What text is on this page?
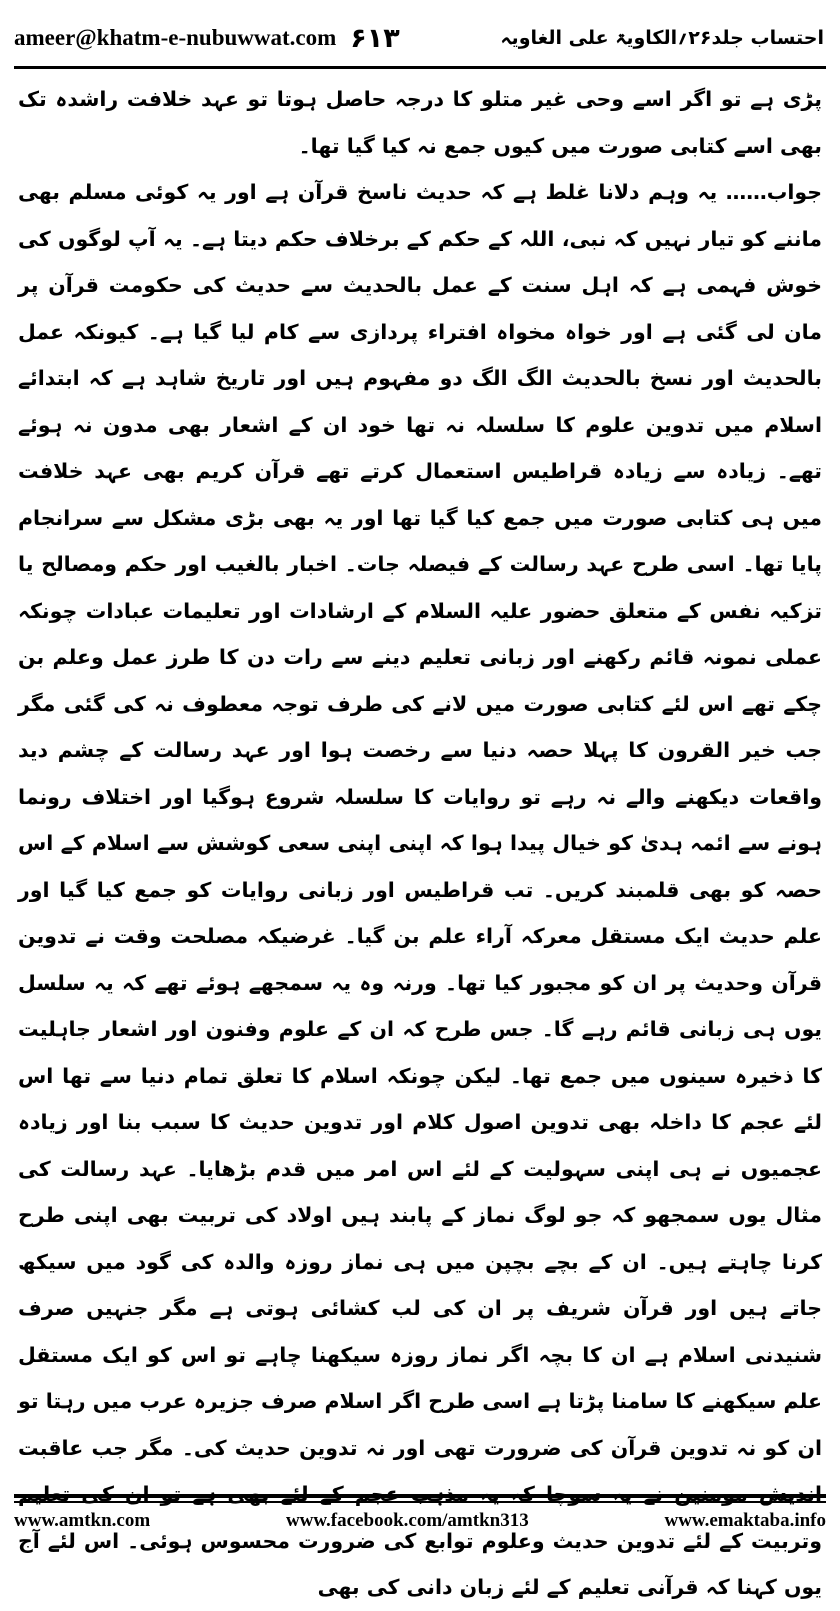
ameer@khatm-e-nubuwwat.com ۶۱۳	احتساب جلد۲۶؍الکاویۃ علی الغاویہ

پڑی ہے تو اگر اسے وحی غیر متلو کا درجہ حاصل ہوتا تو عہد خلافت راشدہ تک بھی اسے کتابی صورت میں کیوں جمع نہ کیا گیا تھا۔

جواب…… یہ وہم دلانا غلط ہے کہ حدیث ناسخ قرآن ہے اور یہ کوئی مسلم بھی ماننے کو تیار نہیں کہ نبی، اللہ کے حکم کے برخلاف حکم دیتا ہے۔ یہ آپ لوگوں کی خوش فہمی ہے کہ اہل سنت کے عمل بالحدیث سے حدیث کی حکومت قرآن پر مان لی گئی ہے اور خواہ مخواہ افتراء پردازی سے کام لیا گیا ہے۔ کیونکہ عمل بالحدیث اور نسخ بالحدیث الگ الگ دو مفہوم ہیں اور تاریخ شاہد ہے کہ ابتدائے اسلام میں تدوین علوم کا سلسلہ نہ تھا خود ان کے اشعار بھی مدون نہ ہوئے تھے۔ زیادہ سے زیادہ قراطیس استعمال کرتے تھے قرآن کریم بھی عہد خلافت میں ہی کتابی صورت میں جمع کیا گیا تھا اور یہ بھی بڑی مشکل سے سرانجام پایا تھا۔ اسی طرح عہد رسالت کے فیصلہ جات۔ اخبار بالغیب اور حکم ومصالح یا تزکیہ نفس کے متعلق حضور علیہ السلام کے ارشادات اور تعلیمات عبادات چونکہ عملی نمونہ قائم رکھنے اور زبانی تعلیم دینے سے رات دن کا طرز عمل وعلم بن چکے تھے اس لئے کتابی صورت میں لانے کی طرف توجہ معطوف نہ کی گئی مگر جب خیر القرون کا پہلا حصہ دنیا سے رخصت ہوا اور عہد رسالت کے چشم دید واقعات دیکھنے والے نہ رہے تو روایات کا سلسلہ شروع ہوگیا اور اختلاف رونما ہونے سے ائمہ ہدیٰ کو خیال پیدا ہوا کہ اپنی اپنی سعی کوشش سے اسلام کے اس حصہ کو بھی قلمبند کریں۔ تب قراطیس اور زبانی روایات کو جمع کیا گیا اور علم حدیث ایک مستقل معرکہ آراء علم بن گیا۔ غرضیکہ مصلحت وقت نے تدوین قرآن وحدیث پر ان کو مجبور کیا تھا۔ ورنہ وہ یہ سمجھے ہوئے تھے کہ یہ سلسل یوں ہی زبانی قائم رہے گا۔ جس طرح کہ ان کے علوم وفنون اور اشعار جاہلیت کا ذخیرہ سینوں میں جمع تھا۔ لیکن چونکہ اسلام کا تعلق تمام دنیا سے تھا اس لئے عجم کا داخلہ بھی تدوین اصول کلام اور تدوین حدیث کا سبب بنا اور زیادہ عجمیوں نے ہی اپنی سہولیت کے لئے اس امر میں قدم بڑھایا۔ عہد رسالت کی مثال یوں سمجھو کہ جو لوگ نماز کے پابند ہیں اولاد کی تربیت بھی اپنی طرح کرنا چاہتے ہیں۔ ان کے بچے بچپن میں ہی نماز روزہ والدہ کی گود میں سیکھ جاتے ہیں اور قرآن شریف پر ان کی لب کشائی ہوتی ہے مگر جنہیں صرف شنیدنی اسلام ہے ان کا بچہ اگر نماز روزہ سیکھنا چاہے تو اس کو ایک مستقل علم سیکھنے کا سامنا پڑتا ہے اسی طرح اگر اسلام صرف جزیرہ عرب میں رہتا تو ان کو نہ تدوین قرآن کی ضرورت تھی اور نہ تدوین حدیث کی۔ مگر جب عاقبت اندیش مومنین نے یہ سوچا کہ یہ مذہب عجم کے لئے بھی ہے تو ان کی تعلیم وتربیت کے لئے تدوین حدیث وعلوم توابع کی ضرورت محسوس ہوئی۔ اس لئے آج یوں کہنا کہ قرآنی تعلیم کے لئے زبان دانی کی بھی

www.amtkn.com	www.facebook.com/amtkn313	www.emaktaba.info
